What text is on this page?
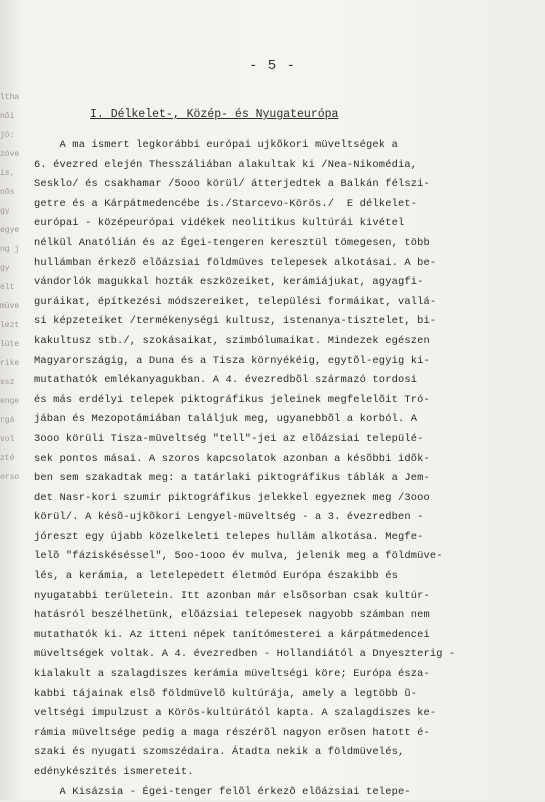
ltha
nõi
jö:
zöve
is,
nõs
gy
egye
ng j
gy
elt
mûve
lezt
lüte
rike
ssz
enge
rgá
vol
zté
orso
- 5 -
I. Délkelet-, Közép- és Nyugateurópa
A ma ismert legkorábbi európai ujkõkori müveltségek a
6. évezred elején Thesszáliában alakultak ki /Nea-Nikomédia,
Sesklo/ és csakhamar /5ooo körül/ átterjedtek a Balkán félszi-
getre és a Kárpátmedencébe is./Starcevo-Körös./  E délkelet-
európai - középeurópai vidékek neolitikus kultúrái kivétel
nélkül Anatólián és az Égei-tengeren keresztül tömegesen, több
hullámban érkezõ elõázsiai földmüves telepesek alkotásai. A be-
vándorlók magukkal hozták eszközeiket, kerámiájukat, agyagfi-
guráikat, építkezési módszereiket, települési formáikat, vallá-
si képzeteiket /termékenységi kultusz, istenanya-tisztelet, bi-
kakultusz stb./, szokásaikat, szimbólumaikat. Mindezek egészen
Magyarországig, a Duna és a Tisza környékéig, egytõl-egyig ki-
mutathatók emlékanyagukban. A 4. évezredbõl származó tordosi
és más erdélyi telepek piktográfikus jeleinek megfelelõit Tró-
jában és Mezopotámiában találjuk meg, ugyanebbõl a korból. A
3ooo körüli Tisza-müveltség "tell"-jei az elõázsiai települé-
sek pontos másai. A szoros kapcsolatok azonban a késõbbi idõk-
ben sem szakadtak meg: a tatárlaki piktográfikus táblák a Jem-
det Nasr-kori szumir piktográfikus jelekkel egyeznek meg /3ooo
körül/. A késõ-ujkõkori Lengyel-müveltség - a 3. évezredben -
jóreszt egy újabb közelkeleti telepes hullám alkotása. Megfe-
lelõ "fáziskéséssel", 5oo-1ooo év mulva, jelenik meg a földmüve-
lés, a kerámia, a letelepedett életmód Európa északibb és
nyugatabbi területein. Itt azonban már elsõsorban csak kultúr-
hatásról beszélhetünk, elõázsiai telepesek nagyobb számban nem
mutathatók ki. Az itteni népek tanítómesterei a kárpátmedencei
müveltségek voltak. A 4. évezredben - Hollandiától a Dnyeszterig -
kialakult a szalagdiszes kerámia müveltségi köre; Európa észa-
kabbi tájainak elsõ földmüvelõ kultúrája, amely a legtöbb ũ-
veltségi impulzust a Körös-kultúrától kapta. A szalagdiszes ke-
rámia müveltsége pedig a maga részérõl nagyon erõsen hatott é-
szaki és nyugati szomszédaira. Átadta nekik a földmüvelés,
edénykészités ismereteit.
A Kisázsia - Égei-tenger felõl érkezõ elõázsiai telepe-
